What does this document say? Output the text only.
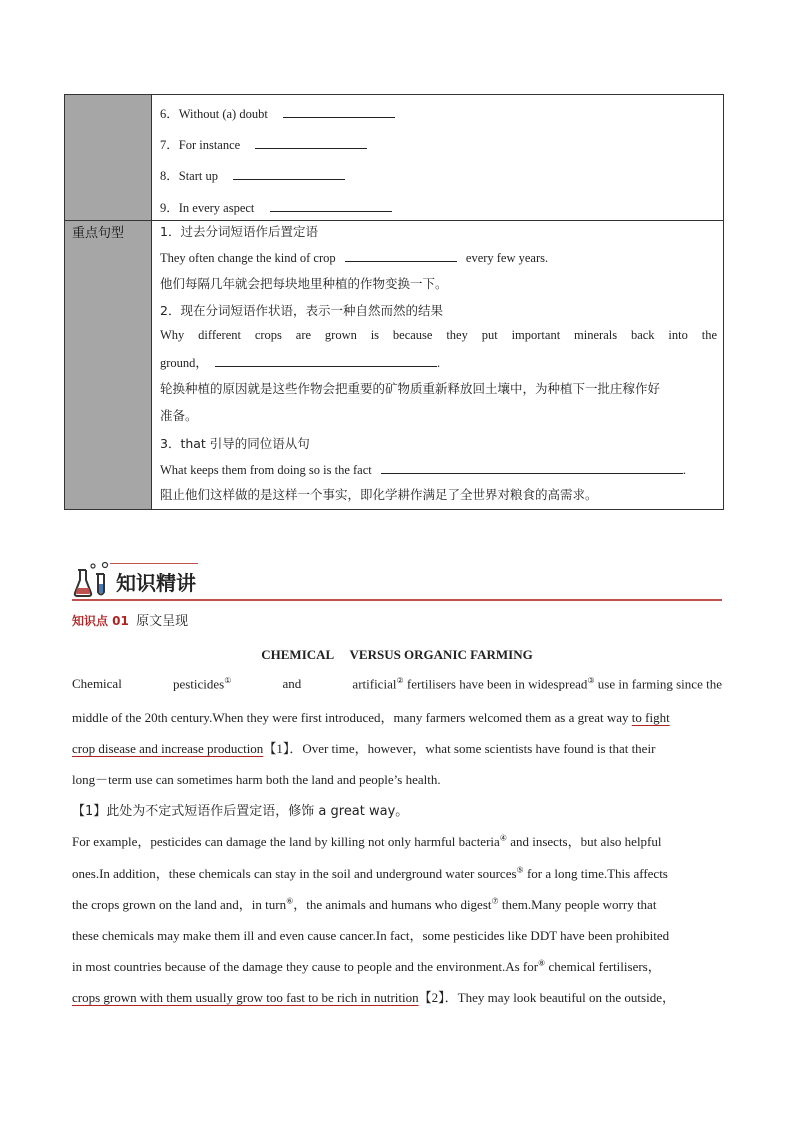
重点句型
6．Without (a) doubt
7．For instance
8．Start up
9．In every aspect
1．过去分词短语作后置定语
They often change the kind of crop	every few years.
他们每隔几年就会把每块地里种植的作物变换一下。
2．现在分词短语作状语，表示一种自然而然的结果
Why different crops are grown is because they put important minerals back into the
ground，	.
轮换种植的原因就是这些作物会把重要的矿物质重新释放回土壤中，为种植下一批庄稼作好
准备。
3．that 引导的同位语从句
What keeps them from doing so is the fact	.
阻止他们这样做的是这样一个事实，即化学耕作满足了全世界对粮食的高需求。
知识精讲
知识点 01 原文呈现
CHEMICAL　 VERSUS ORGANIC FARMING
Chemical	pesticides①	and	artificial② fertilisers have been in widespread③ use in farming since the
middle of the 20th century.When they were first introduced，many farmers welcomed them as a great way to fight
crop disease and increase production【1】．Over time，however，what some scientists have found is that their
long－term use can sometimes harm both the land and people’s health.
【1】此处为不定式短语作后置定语，修饰 a great way。
For example，pesticides can damage the land by killing not only harmful bacteria④ and insects，but also helpful
ones.In addition，these chemicals can stay in the soil and underground water sources⑤ for a long time.This affects
the crops grown on the land and，in turn⑥，the animals and humans who digest⑦ them.Many people worry that
these chemicals may make them ill and even cause cancer.In fact，some pesticides like DDT have been prohibited
in most countries because of the damage they cause to people and the environment.As for⑧ chemical fertilisers，
crops grown with them usually grow too fast to be rich in nutrition【2】．They may look beautiful on the outside，
